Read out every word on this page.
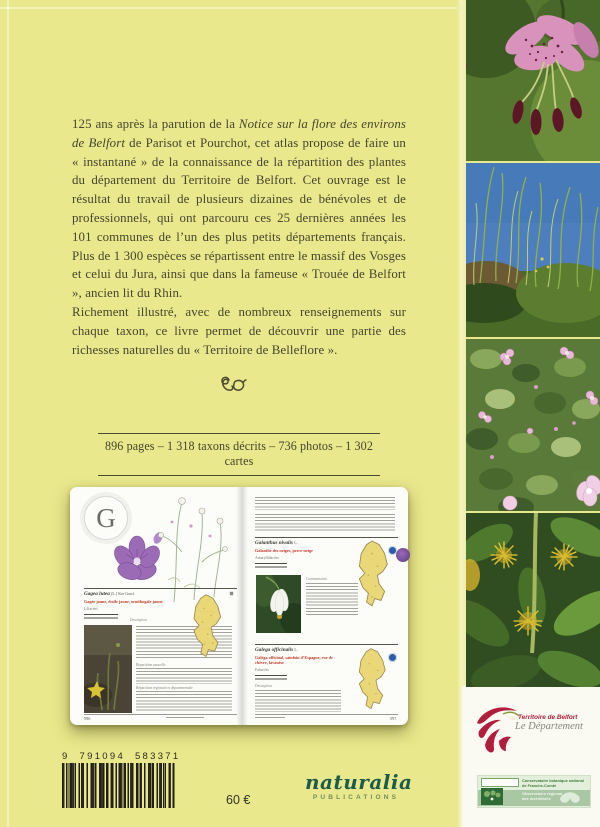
125 ans après la parution de la Notice sur la flore des environs de Belfort de Parisot et Pourchot, cet atlas propose de faire un « instantané » de la connaissance de la répartition des plantes du département du Territoire de Belfort. Cet ouvrage est le résultat du travail de plusieurs dizaines de bénévoles et de professionnels, qui ont parcouru ces 25 dernières années les 101 communes de l’un des plus petits départements français. Plus de 1 300 espèces se répartissent entre le massif des Vosges et celui du Jura, ainsi que dans la fameuse « Trouée de Belfort », ancien lit du Rhin.

Richement illustré, avec de nombreux renseignements sur chaque taxon, ce livre permet de découvrir une partie des richesses naturelles du « Territoire de Belleflore ».

896 pages – 1 318 taxons décrits – 736 photos – 1 302 cartes
G
Gagea lutea (L.) Ker Gawl.
Gagée jaune, étoile jaune, ornithogale jaune
Liliacées
Description
Répartition naturelle
Répartition régionale et départementale
596
Galanthus nivalis L.
Galanthe des neiges, perce-neige
Amaryllidacées
Commentaires
Galega officinalis L.
Galéga officinal, sainfoin d’Espagne, rue de chèvre, lavanèse
Fabacées
Description
597	Territoire de Belfort
Le Département
Conservatoire botanique national
de Franche-Comté
Observatoire régional
des Invertébrés
9 791094 583371
60 €
naturalia
PUBLICATIONS
